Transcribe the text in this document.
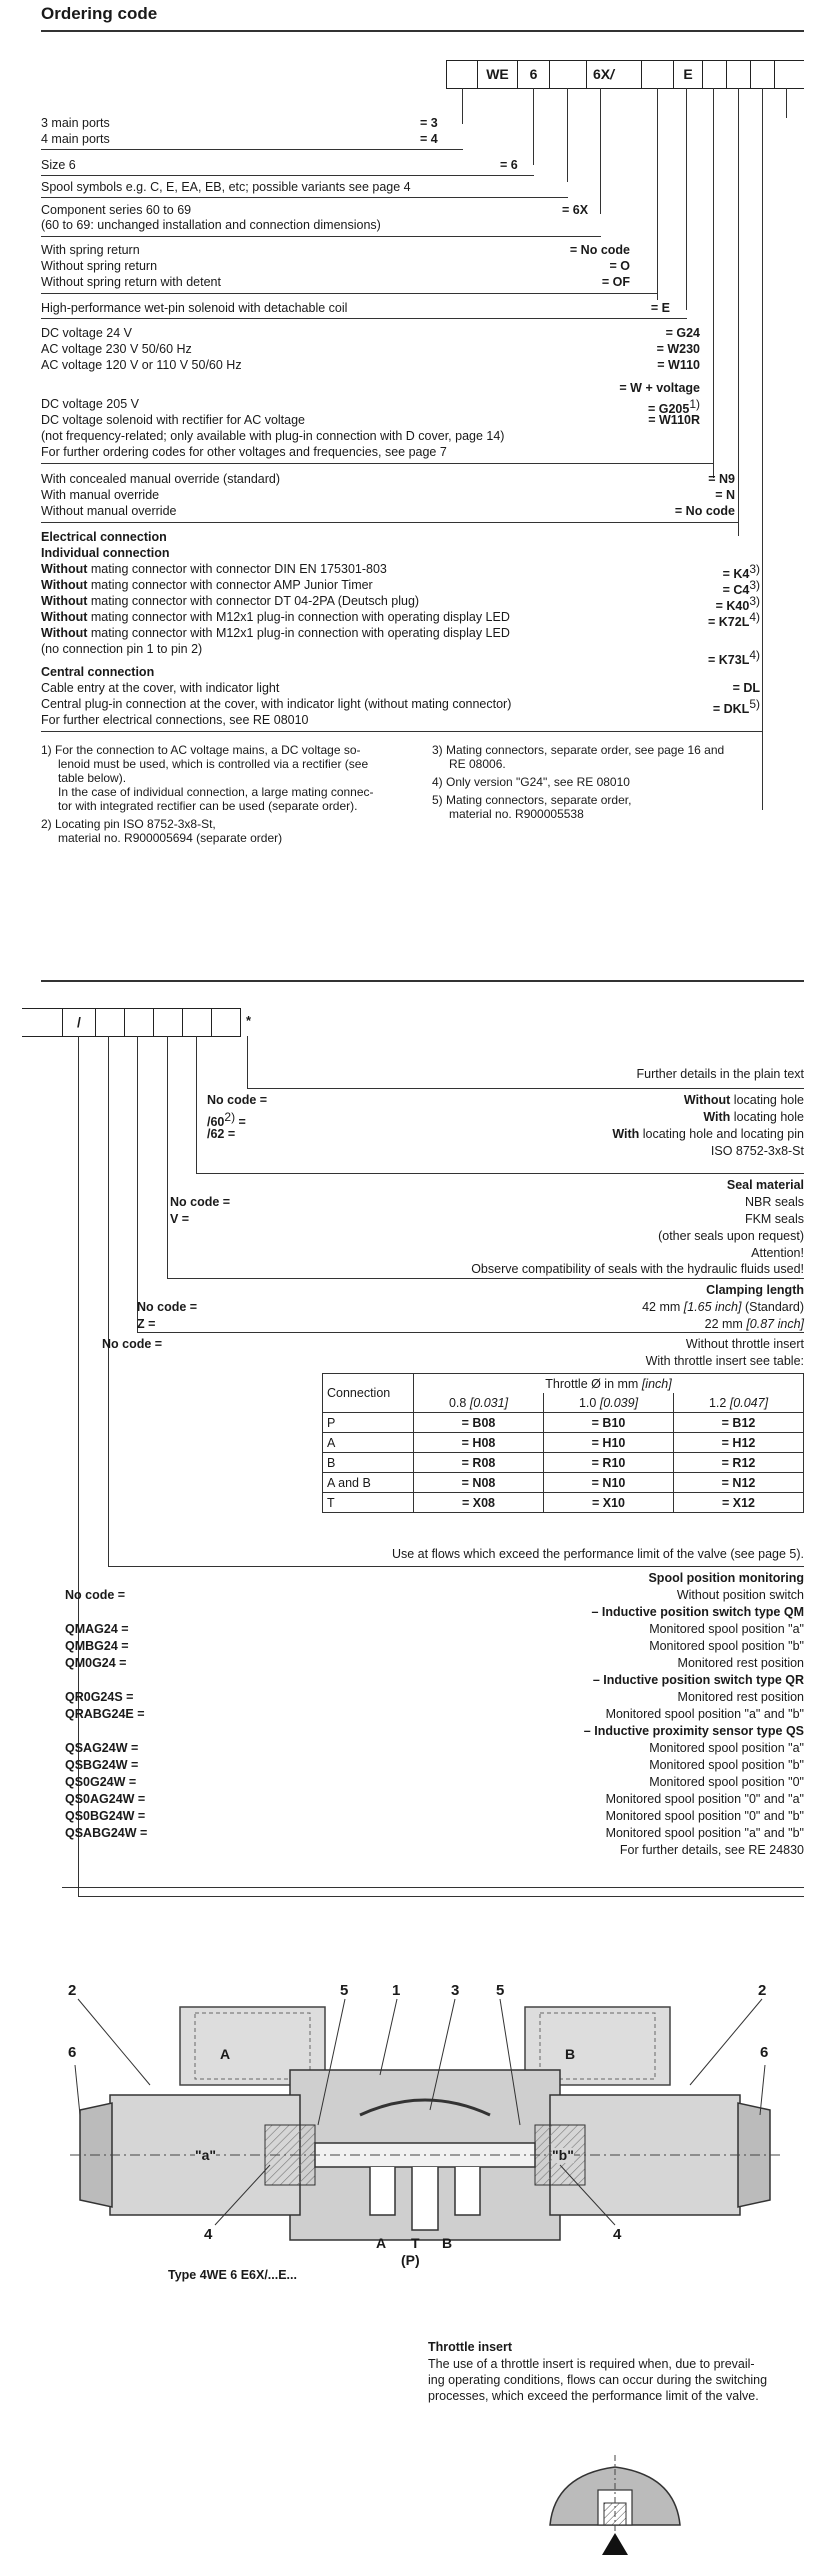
Ordering code
WE	6	6X/	E
3 main ports	= 3
4 main ports	= 4
Size 6	= 6
Spool symbols e.g. C, E, EA, EB, etc; possible variants see page 4
Component series 60 to 69	= 6X
(60 to 69: unchanged installation and connection dimensions)
With spring return	= No code
Without spring return	= O
Without spring return with detent	= OF
High-performance wet-pin solenoid with detachable coil	= E
DC voltage 24 V	= G24
AC voltage 230 V 50/60 Hz	= W230
AC voltage 120 V or 110 V 50/60 Hz	= W110
= W + voltage
DC voltage 205 V	= $G205^{1)}$
DC voltage solenoid with rectifier for AC voltage	= W110R
(not frequency-related; only available with plug-in connection with D cover, page 14)
For further ordering codes for other voltages and frequencies, see page 7
With concealed manual override (standard)	= N9
With manual override	= N
Without manual override	= No code
Electrical connection
Individual connection
Without mating connector with connector DIN EN 175301-803	= $K4^{3)}$
Without mating connector with connector AMP Junior Timer	= $C4^{3)}$
Without mating connector with connector DT 04-2PA (Deutsch plug)	= $K40^{3)}$
Without mating connector with M12x1 plug-in connection with operating display LED	= $K72L^{4)}$
Without mating connector with M12x1 plug-in connection with operating display LED
(no connection pin 1 to pin 2)
= $K73L^{4)}$
Central connection
Cable entry at the cover, with indicator light	= DL
Central plug-in connection at the cover, with indicator light (without mating connector)	= $DKL^{5)}$
For further electrical connections, see RE 08010
1) For the connection to AC voltage mains, a DC voltage so-
lenoid must be used, which is controlled via a rectifier (see
table below).
In the case of individual connection, a large mating connec-
tor with integrated rectifier can be used (separate order).
2) Locating pin ISO 8752-3x8-St,
material no. R900005694 (separate order)
3) Mating connectors, separate order, see page 16 and
RE 08006.
4) Only version "G24", see RE 08010
5) Mating connectors, separate order,
material no. R900005538
/	*
Further details in the plain text
No code =	Without locating hole
$/60^{2)}$ =	With locating hole
/62 =	With locating hole and locating pin
ISO 8752-3x8-St
Seal material
No code =	NBR seals
V =	FKM seals
(other seals upon request)
Attention!
Observe compatibility of seals with the hydraulic fluids used!
Clamping length
No code =	42 mm [1.65 inch] (Standard)
Z =	22 mm [0.87 inch]
No code =	Without throttle insert
With throttle insert see table:
Connection	Throttle Ø in mm [inch]		
	0.8 [0.031]	1.0 [0.039]	1.2 [0.047]
P	= B08	= B10	= B12
A	= H08	= H10	= H12
B	= R08	= R10	= R12
A and B	= N08	= N10	= N12
T	= X08	= X10	= X12
Use at flows which exceed the performance limit of the valve (see page 5).
Spool position monitoring
No code =	Without position switch
– Inductive position switch type QM
QMAG24 =	Monitored spool position "a"
QMBG24 =	Monitored spool position "b"
QM0G24 =	Monitored rest position
– Inductive position switch type QR
QR0G24S =	Monitored rest position
QRABG24E =	Monitored spool position "a" and "b"
– Inductive proximity sensor type QS
QSAG24W =	Monitored spool position "a"
QSBG24W =	Monitored spool position "b"
QS0G24W =	Monitored spool position "0"
QS0AG24W =	Monitored spool position "0" and "a"
QS0BG24W =	Monitored spool position "0" and "b"
QSABG24W =	Monitored spool position "a" and "b"
For further details, see RE 24830
A	B
"a"	"b"
2	5	1	3 5	2
6	6
4	4
A T B
(P)
Type 4WE 6 E6X/...E...
Throttle insert
The use of a throttle insert is required when, due to prevail-
ing operating conditions, flows can occur during the switching
processes, which exceed the performance limit of the valve.
